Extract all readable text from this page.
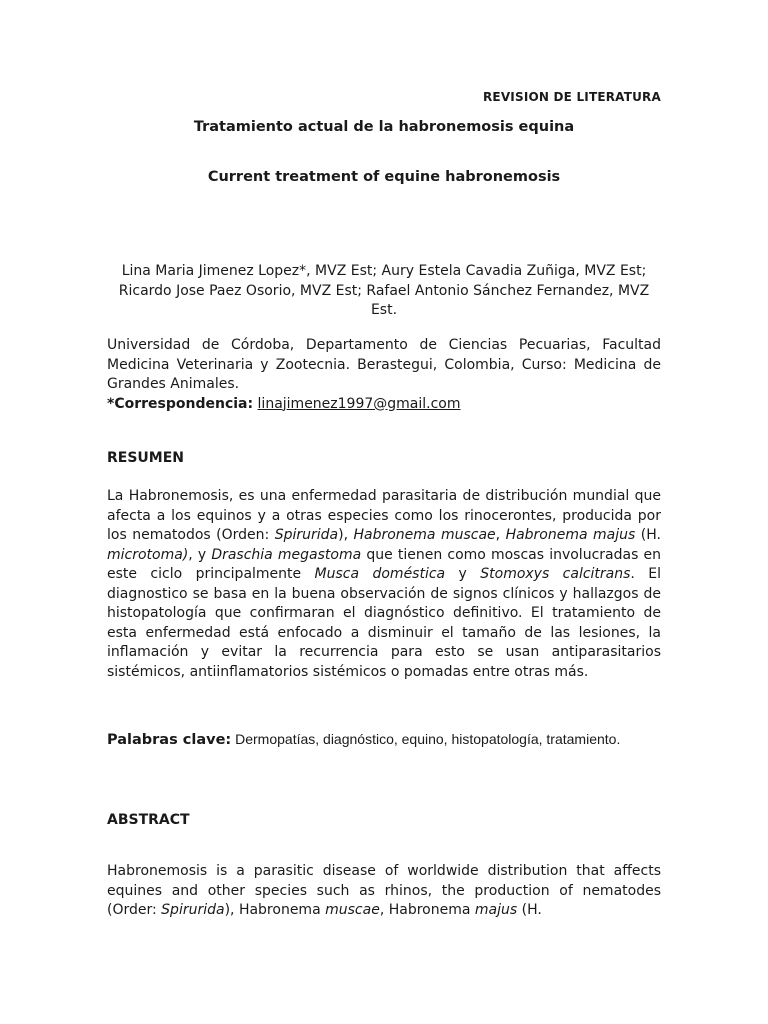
REVISION DE LITERATURA
Tratamiento actual de la habronemosis equina
Current treatment of equine habronemosis
Lina Maria Jimenez Lopez*, MVZ Est; Aury Estela Cavadia Zuñiga, MVZ Est; Ricardo Jose Paez Osorio, MVZ Est; Rafael Antonio Sánchez Fernandez, MVZ Est.
Universidad de Córdoba, Departamento de Ciencias Pecuarias, Facultad Medicina Veterinaria y Zootecnia. Berastegui, Colombia, Curso: Medicina de Grandes Animales.
*Correspondencia: linajimenez1997@gmail.com
RESUMEN

La Habronemosis, es una enfermedad parasitaria de distribución mundial que afecta a los equinos y a otras especies como los rinocerontes, producida por los nematodos (Orden: Spirurida), Habronema muscae, Habronema majus (H. microtoma), y Draschia megastoma que tienen como moscas involucradas en este ciclo principalmente Musca doméstica y Stomoxys calcitrans. El diagnostico se basa en la buena observación de signos clínicos y hallazgos de histopatología que confirmaran el diagnóstico definitivo. El tratamiento de esta enfermedad está enfocado a disminuir el tamaño de las lesiones, la inflamación y evitar la recurrencia para esto se usan antiparasitarios sistémicos, antiinflamatorios sistémicos o pomadas entre otras más.

Palabras clave: Dermopatías, diagnóstico, equino, histopatología, tratamiento.
ABSTRACT

Habronemosis is a parasitic disease of worldwide distribution that affects equines and other species such as rhinos, the production of nematodes (Order: Spirurida), Habronema muscae, Habronema majus (H.
